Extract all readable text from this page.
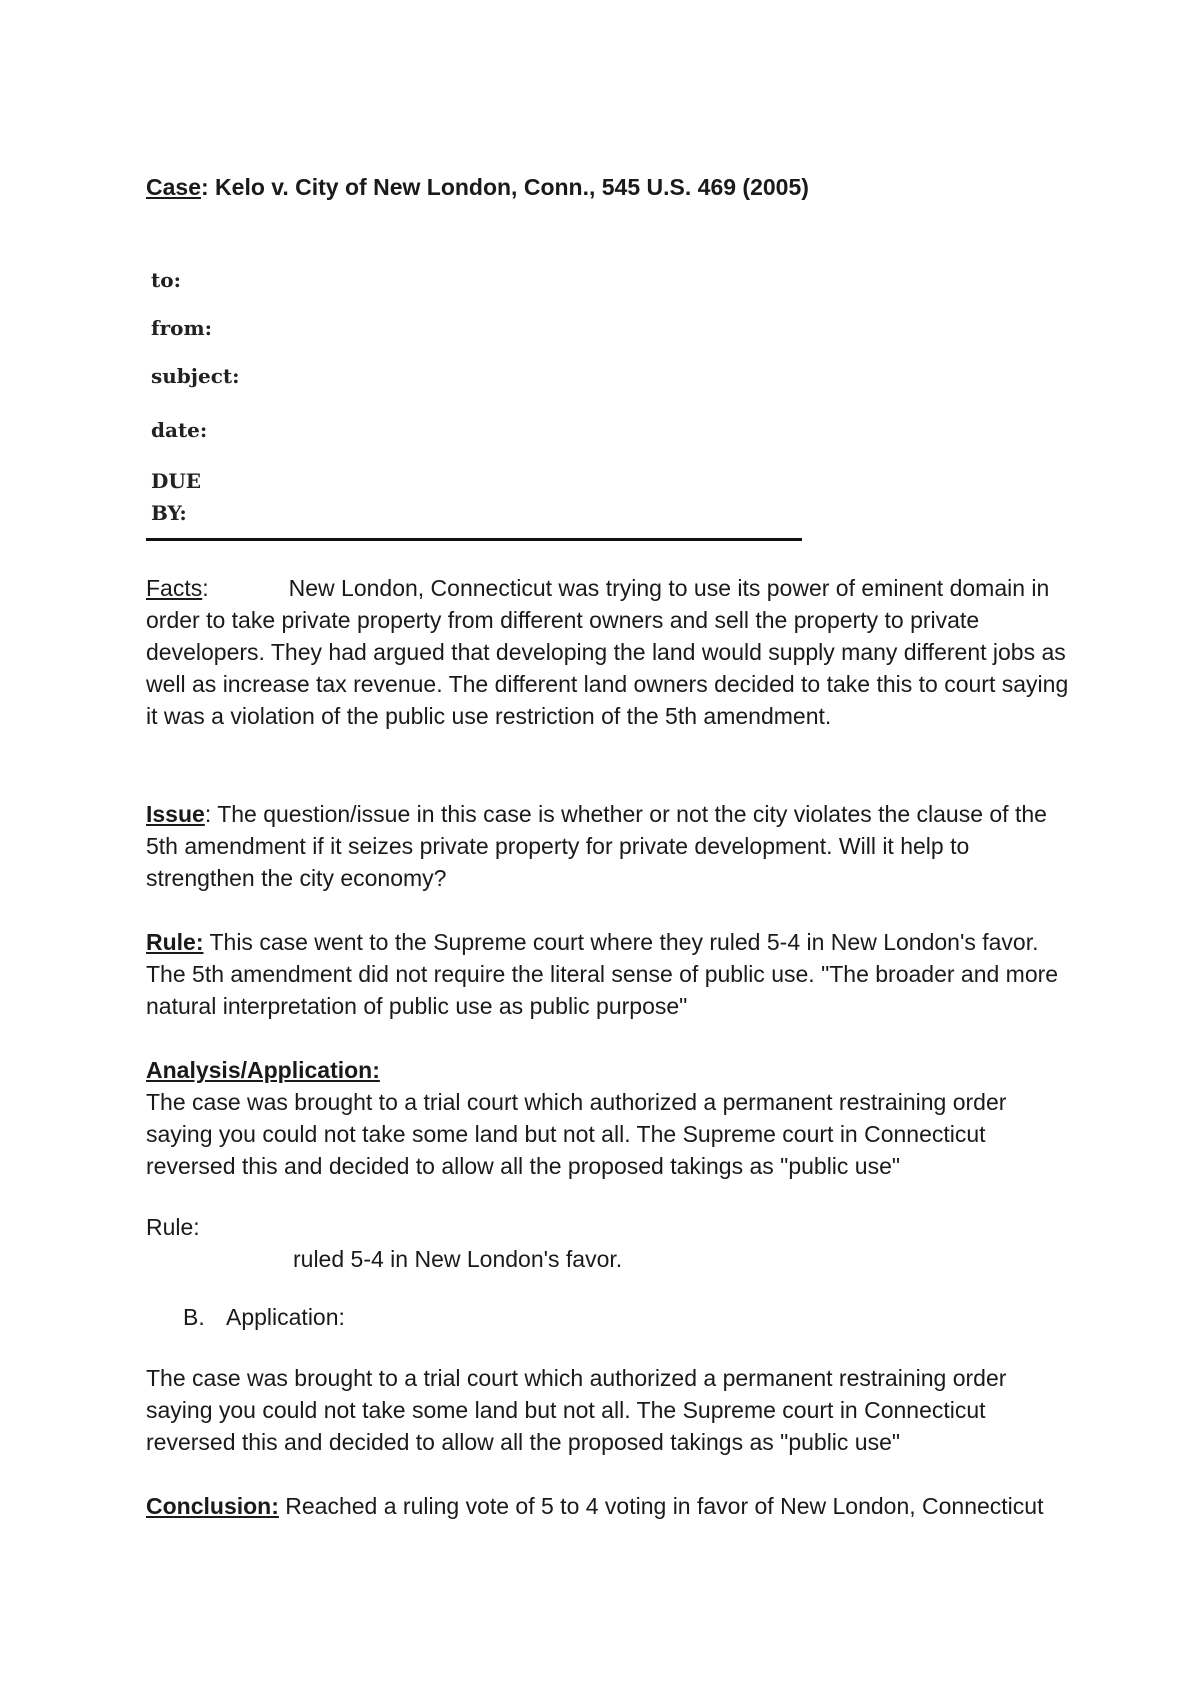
Case: Kelo v. City of New London, Conn., 545 U.S. 469 (2005)
to:
from:
subject:
date:
DUE BY:
Facts:	New London, Connecticut was trying to use its power of eminent domain in order to take private property from different owners and sell the property to private developers. They had argued that developing the land would supply many different jobs as well as increase tax revenue. The different land owners decided to take this to court saying it was a violation of the public use restriction of the 5th amendment.
Issue: The question/issue in this case is whether or not the city violates the clause of the 5th amendment if it seizes private property for private development. Will it help to strengthen the city economy?
Rule: This case went to the Supreme court where they ruled 5-4 in New London's favor. The 5th amendment did not require the literal sense of public use. "The broader and more natural interpretation of public use as public purpose"
Analysis/Application:
The case was brought to a trial court which authorized a permanent restraining order saying you could not take some land but not all. The Supreme court in Connecticut reversed this and decided to allow all the proposed takings as "public use"
Rule:
ruled 5-4 in New London's favor.
B. Application:
The case was brought to a trial court which authorized a permanent restraining order saying you could not take some land but not all. The Supreme court in Connecticut reversed this and decided to allow all the proposed takings as "public use"
Conclusion: Reached a ruling vote of 5 to 4 voting in favor of New London, Connecticut
